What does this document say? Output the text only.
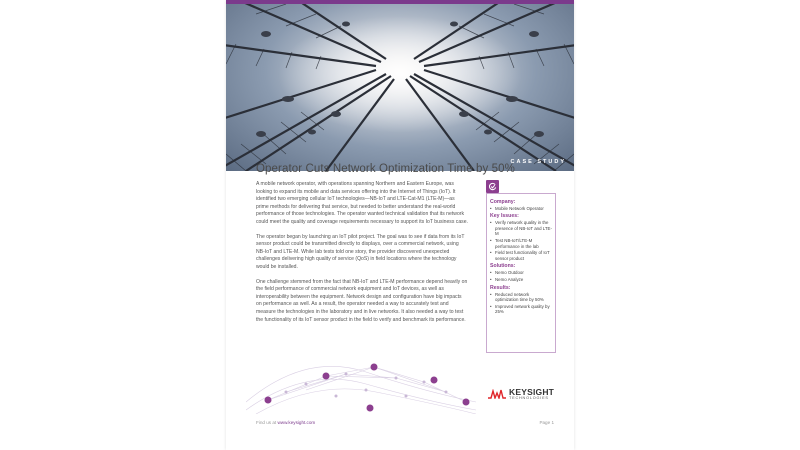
CASE STUDY
Operator Cuts Network Optimization Time by 50%

A mobile network operator, with operations spanning Northern and Eastern Europe, was looking to expand its mobile and data services offering into the Internet of Things (IoT). It identified two emerging cellular IoT technologies—NB-IoT and LTE-Cat-M1 (LTE-M)—as prime methods for delivering that service, but needed to better understand the real-world performance of those technologies. The operator wanted technical validation that its network could meet the quality and coverage requirements necessary to support its IoT business case.

The operator began by launching an IoT pilot project. The goal was to see if data from its IoT sensor product could be transmitted directly to displays, over a commercial network, using NB-IoT and LTE-M. While lab tests told one story, the provider discovered unexpected challenges delivering high quality of service (QoS) in field locations where the technology would be installed.

One challenge stemmed from the fact that NB-IoT and LTE-M performance depend heavily on the field performance of commercial network equipment and IoT devices, as well as interoperability between the equipment. Network design and configuration have big impacts on performance as well. As a result, the operator needed a way to accurately test and measure the technologies in the laboratory and in live networks. It also needed a way to test the functionality of its IoT sensor product in the field to verify and benchmark its performance.

Company:
• Mobile Network Operator
Key Issues:
• Verify network quality in the presence of NB-IoT and LTE-M
• Test NB-IoT/LTE-M performance in the lab
• Field test functionality of IoT sensor product
Solutions:
• Nemo Outdoor
• Nemo Analyze
Results:
• Reduced network optimization time by 50%
• Improved network quality by 25%
KEYSIGHT
TECHNOLOGIES
Find us at www.keysight.com	Page 1
